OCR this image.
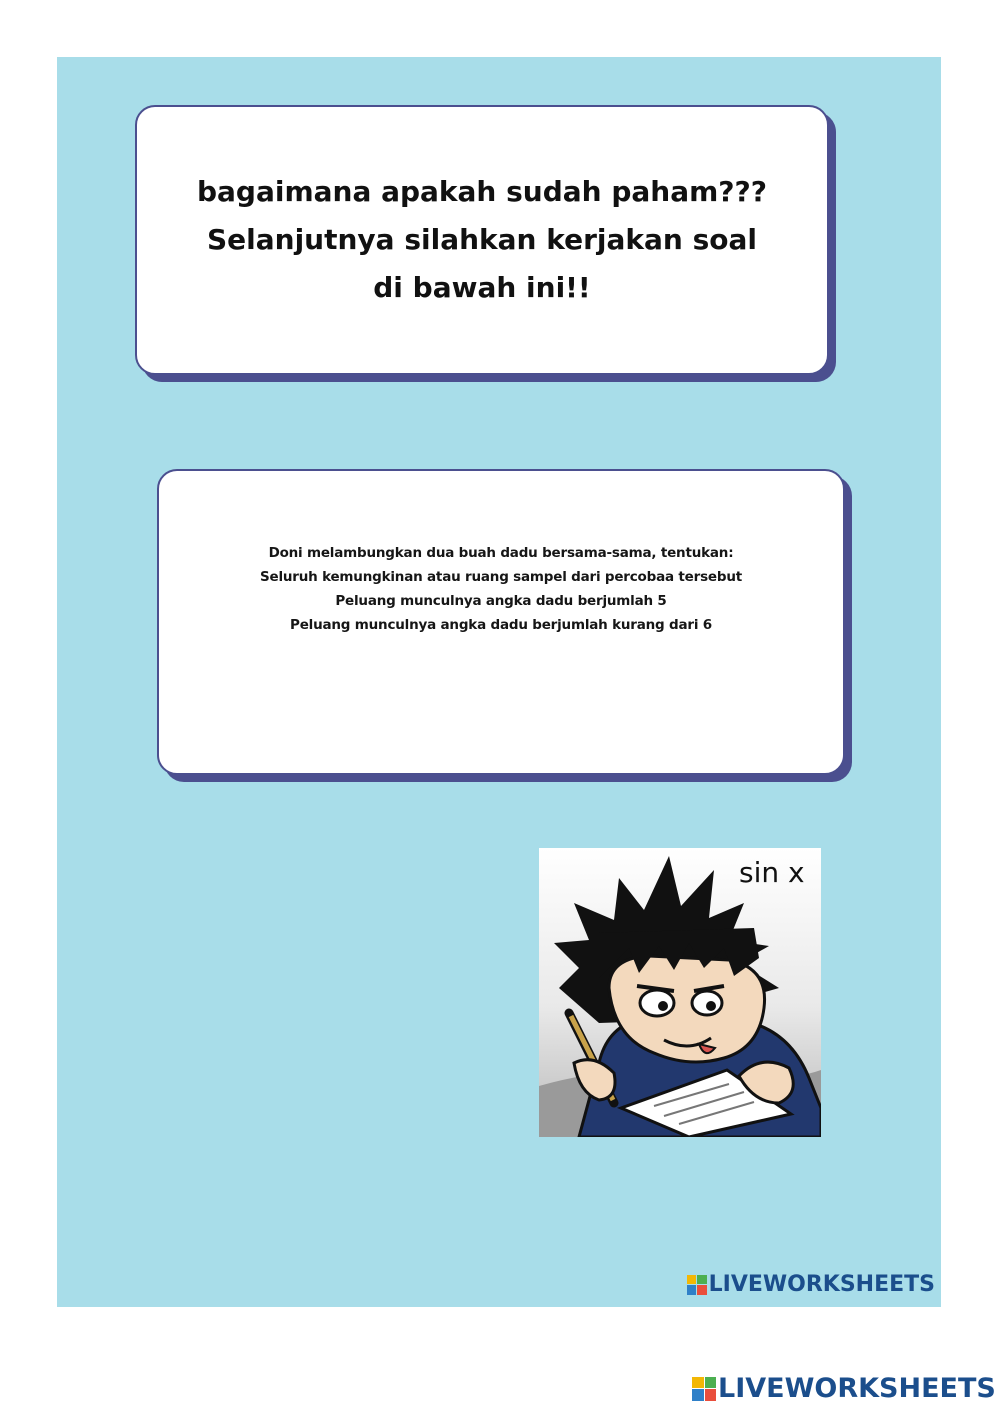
bagaimana apakah sudah paham???
Selanjutnya silahkan kerjakan soal
di bawah ini!!
Doni melambungkan dua buah dadu bersama-sama, tentukan:
Seluruh kemungkinan atau ruang sampel dari percobaa tersebut
Peluang munculnya angka dadu berjumlah 5
Peluang munculnya angka dadu berjumlah kurang dari 6
sin x
LIVEWORKSHEETS
LIVEWORKSHEETS
